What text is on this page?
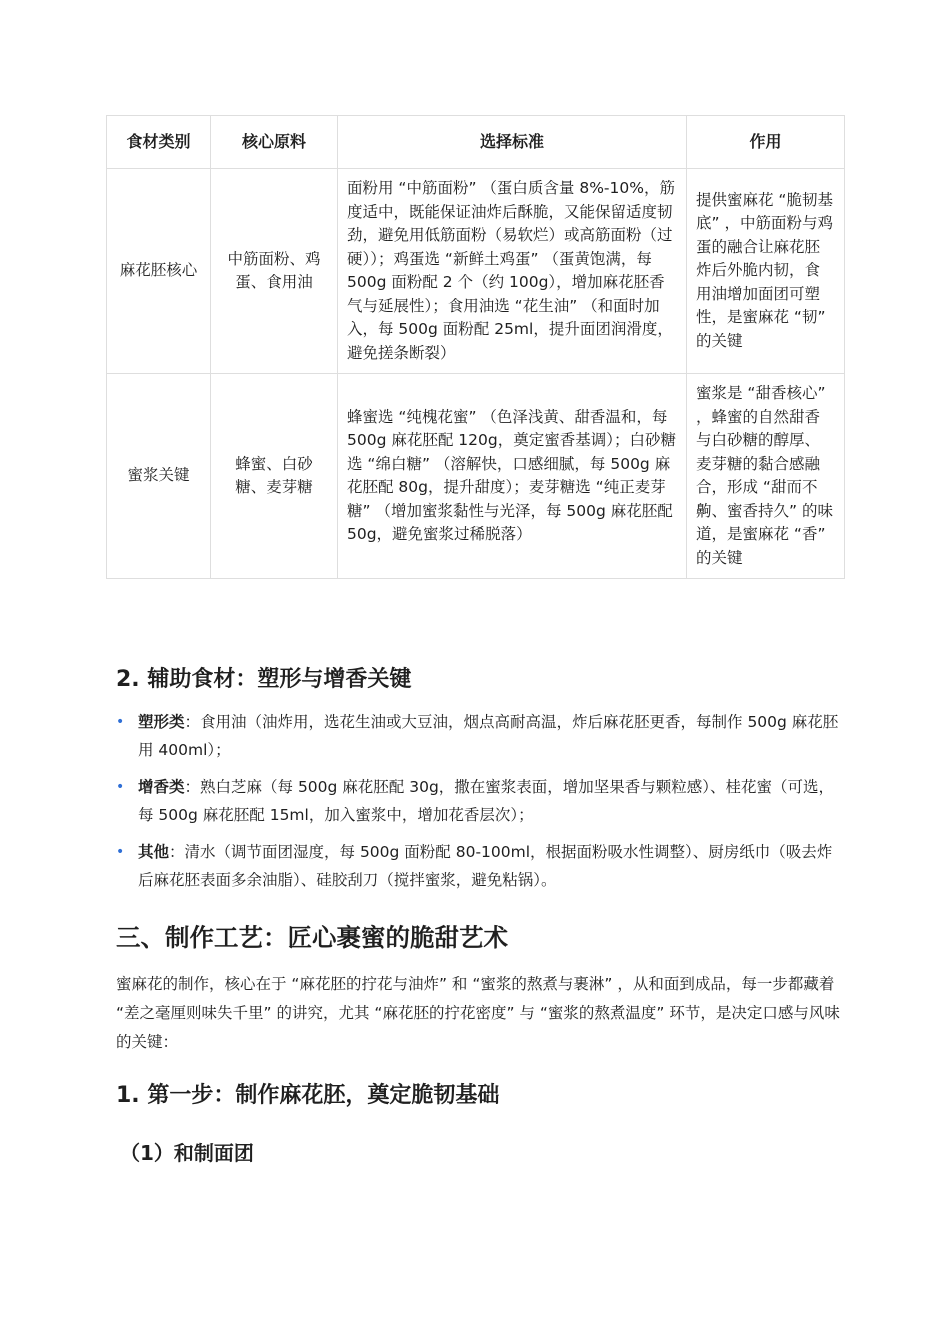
食材类别	核心原料	选择标准	作用
麻花胚核心	中筋面粉、鸡蛋、食用油	面粉用 “中筋面粉” （蛋白质含量 8%-10%，筋度适中，既能保证油炸后酥脆，又能保留适度韧劲，避免用低筋面粉（易软烂）或高筋面粉（过硬））；鸡蛋选 “新鲜土鸡蛋” （蛋黄饱满，每 500g 面粉配 2 个（约 100g），增加麻花胚香气与延展性）；食用油选 “花生油” （和面时加入，每 500g 面粉配 25ml，提升面团润滑度，避免搓条断裂）	提供蜜麻花 “脆韧基底” ，中筋面粉与鸡蛋的融合让麻花胚炸后外脆内韧，食用油增加面团可塑性，是蜜麻花 “韧” 的关键
蜜浆关键	蜂蜜、白砂糖、麦芽糖	蜂蜜选 “纯槐花蜜” （色泽浅黄、甜香温和，每 500g 麻花胚配 120g，奠定蜜香基调）；白砂糖选 “绵白糖” （溶解快，口感细腻，每 500g 麻花胚配 80g，提升甜度）；麦芽糖选 “纯正麦芽糖” （增加蜜浆黏性与光泽，每 500g 麻花胚配 50g，避免蜜浆过稀脱落）	蜜浆是 “甜香核心” ，蜂蜜的自然甜香与白砂糖的醇厚、麦芽糖的黏合感融合，形成 “甜而不齁、蜜香持久” 的味道，是蜜麻花 “香” 的关键
2. 辅助食材：塑形与增香关键
• 塑形类：食用油（油炸用，选花生油或大豆油，烟点高耐高温，炸后麻花胚更香，每制作 500g 麻花胚用 400ml）；
• 增香类：熟白芝麻（每 500g 麻花胚配 30g，撒在蜜浆表面，增加坚果香与颗粒感）、桂花蜜（可选，每 500g 麻花胚配 15ml，加入蜜浆中，增加花香层次）；
• 其他：清水（调节面团湿度，每 500g 面粉配 80-100ml，根据面粉吸水性调整）、厨房纸巾（吸去炸后麻花胚表面多余油脂）、硅胶刮刀（搅拌蜜浆，避免粘锅）。
三、制作工艺：匠心裹蜜的脆甜艺术

蜜麻花的制作，核心在于 “麻花胚的拧花与油炸” 和 “蜜浆的熬煮与裹淋” ，从和面到成品，每一步都藏着 “差之毫厘则味失千里” 的讲究，尤其 “麻花胚的拧花密度” 与 “蜜浆的熬煮温度” 环节，是决定口感与风味的关键：

1. 第一步：制作麻花胚，奠定脆韧基础
（1）和制面团
